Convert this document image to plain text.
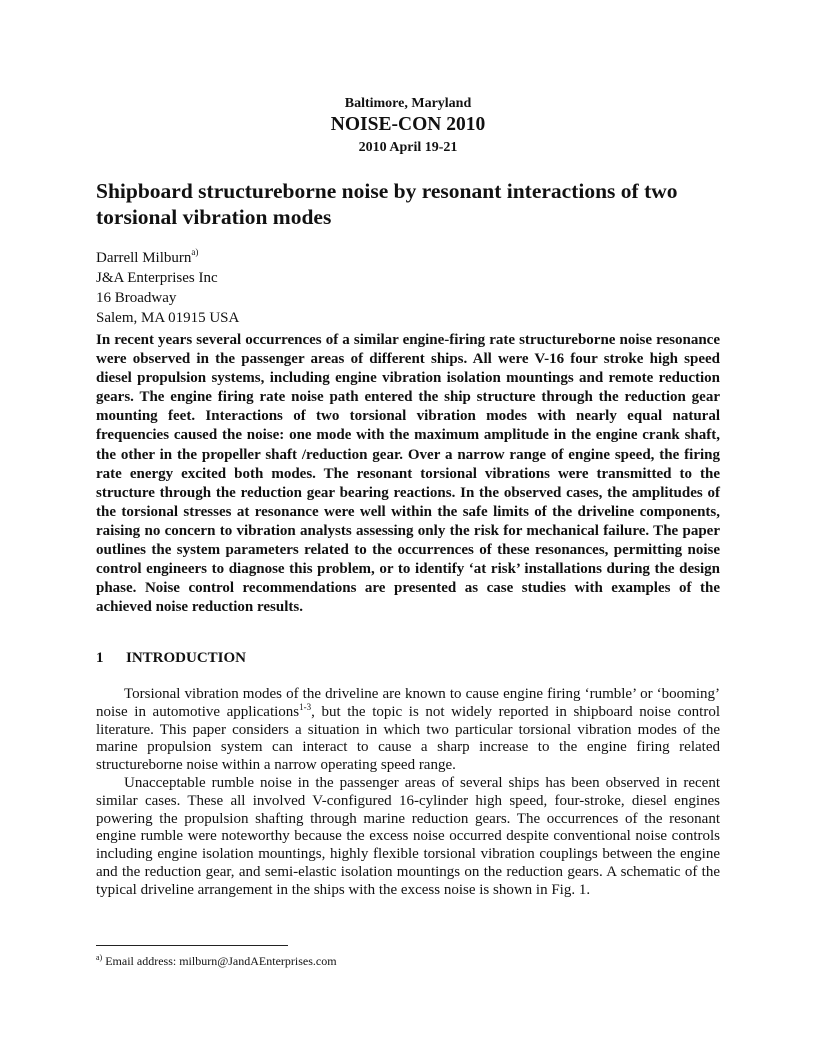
Baltimore, Maryland
NOISE-CON 2010
2010 April 19-21
Shipboard structureborne noise by resonant interactions of two torsional vibration modes
Darrell Milburn$^{a)}$
J&A Enterprises Inc
16 Broadway
Salem, MA 01915 USA
In recent years several occurrences of a similar engine-firing rate structureborne noise resonance were observed in the passenger areas of different ships. All were V-16 four stroke high speed diesel propulsion systems, including engine vibration isolation mountings and remote reduction gears. The engine firing rate noise path entered the ship structure through the reduction gear mounting feet. Interactions of two torsional vibration modes with nearly equal natural frequencies caused the noise: one mode with the maximum amplitude in the engine crank shaft, the other in the propeller shaft /reduction gear. Over a narrow range of engine speed, the firing rate energy excited both modes. The resonant torsional vibrations were transmitted to the structure through the reduction gear bearing reactions. In the observed cases, the amplitudes of the torsional stresses at resonance were well within the safe limits of the driveline components, raising no concern to vibration analysts assessing only the risk for mechanical failure. The paper outlines the system parameters related to the occurrences of these resonances, permitting noise control engineers to diagnose this problem, or to identify ‘at risk’ installations during the design phase. Noise control recommendations are presented as case studies with examples of the achieved noise reduction results.
1 INTRODUCTION

Torsional vibration modes of the driveline are known to cause engine firing ‘rumble’ or ‘booming’ noise in automotive applications$^{1-3}$, but the topic is not widely reported in shipboard noise control literature. This paper considers a situation in which two particular torsional vibration modes of the marine propulsion system can interact to cause a sharp increase to the engine firing related structureborne noise within a narrow operating speed range.

Unacceptable rumble noise in the passenger areas of several ships has been observed in recent similar cases. These all involved V-configured 16-cylinder high speed, four-stroke, diesel engines powering the propulsion shafting through marine reduction gears. The occurrences of the resonant engine rumble were noteworthy because the excess noise occurred despite conventional noise controls including engine isolation mountings, highly flexible torsional vibration couplings between the engine and the reduction gear, and semi-elastic isolation mountings on the reduction gears. A schematic of the typical driveline arrangement in the ships with the excess noise is shown in Fig. 1.

$^{a)}$ Email address: milburn@JandAEnterprises.com
